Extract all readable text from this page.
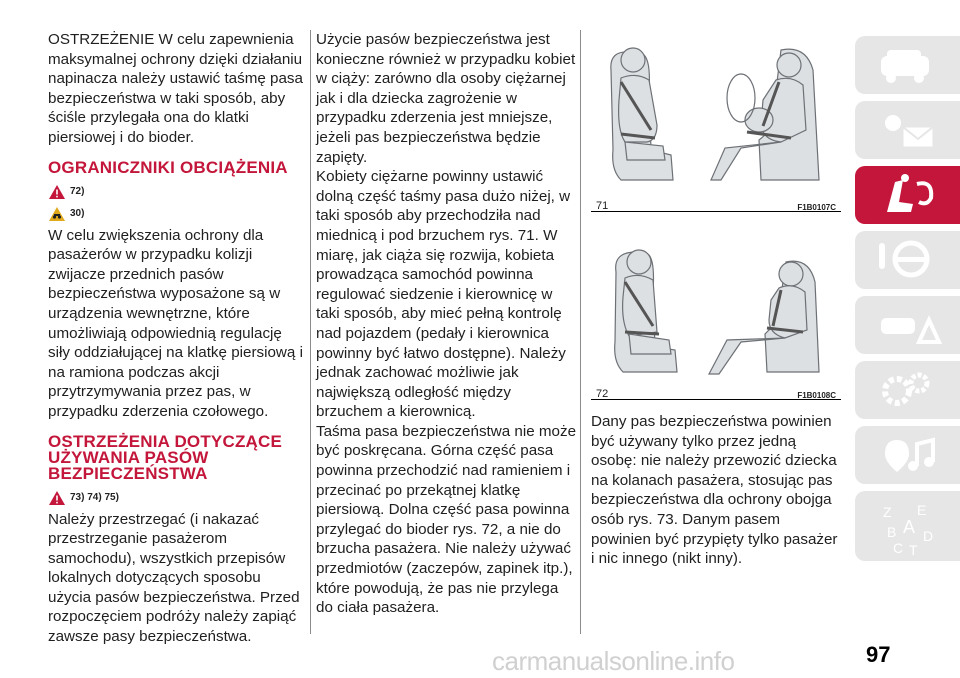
OSTRZEŻENIE W celu zapewnienia maksymalnej ochrony dzięki działaniu napinacza należy ustawić taśmę pasa bezpieczeństwa w taki sposób, aby ściśle przylegała ona do klatki piersiowej i do bioder.

OGRANICZNIKI OBCIĄŻENIA
72)
30)

W celu zwiększenia ochrony dla pasażerów w przypadku kolizji zwijacze przednich pasów bezpieczeństwa wyposażone są w urządzenia wewnętrzne, które umożliwiają odpowiednią regulację siły oddziałującej na klatkę piersiową i na ramiona podczas akcji przytrzymywania przez pas, w przypadku zderzenia czołowego.

OSTRZEŻENIA DOTYCZĄCE UŻYWANIA PASÓW BEZPIECZEŃSTWA
73) 74) 75)

Należy przestrzegać (i nakazać przestrzeganie pasażerom samochodu), wszystkich przepisów lokalnych dotyczących sposobu użycia pasów bezpieczeństwa. Przed rozpoczęciem podróży należy zapiąć zawsze pasy bezpieczeństwa.

Użycie pasów bezpieczeństwa jest konieczne również w przypadku kobiet w ciąży: zarówno dla osoby ciężarnej jak i dla dziecka zagrożenie w przypadku zderzenia jest mniejsze, jeżeli pas bezpieczeństwa będzie zapięty.

Kobiety ciężarne powinny ustawić dolną część taśmy pasa dużo niżej, w taki sposób aby przechodziła nad miednicą i pod brzuchem rys. 71. W miarę, jak ciąża się rozwija, kobieta prowadząca samochód powinna regulować siedzenie i kierownicę w taki sposób, aby mieć pełną kontrolę nad pojazdem (pedały i kierownica powinny być łatwo dostępne). Należy jednak zachować możliwie jak największą odległość między brzuchem a kierownicą.

Taśma pasa bezpieczeństwa nie może być poskręcana. Górna część pasa powinna przechodzić nad ramieniem i przecinać po przekątnej klatkę piersiową. Dolna część pasa powinna przylegać do bioder rys. 72, a nie do brzucha pasażera. Nie należy używać przedmiotów (zaczepów, zapinek itp.), które powodują, że pas nie przylega do ciała pasażera.

71	F1B0107C
72	F1B0108C

Dany pas bezpieczeństwa powinien być używany tylko przez jedną osobę: nie należy przewozić dziecka na kolanach pasażera, stosując pas bezpieczeństwa dla ochrony obojga osób rys. 73. Danym pasem powinien być przypięty tylko pasażer i nic innego (nikt inny).

Z E
B A D
C T
97
carmanualsonline.info
